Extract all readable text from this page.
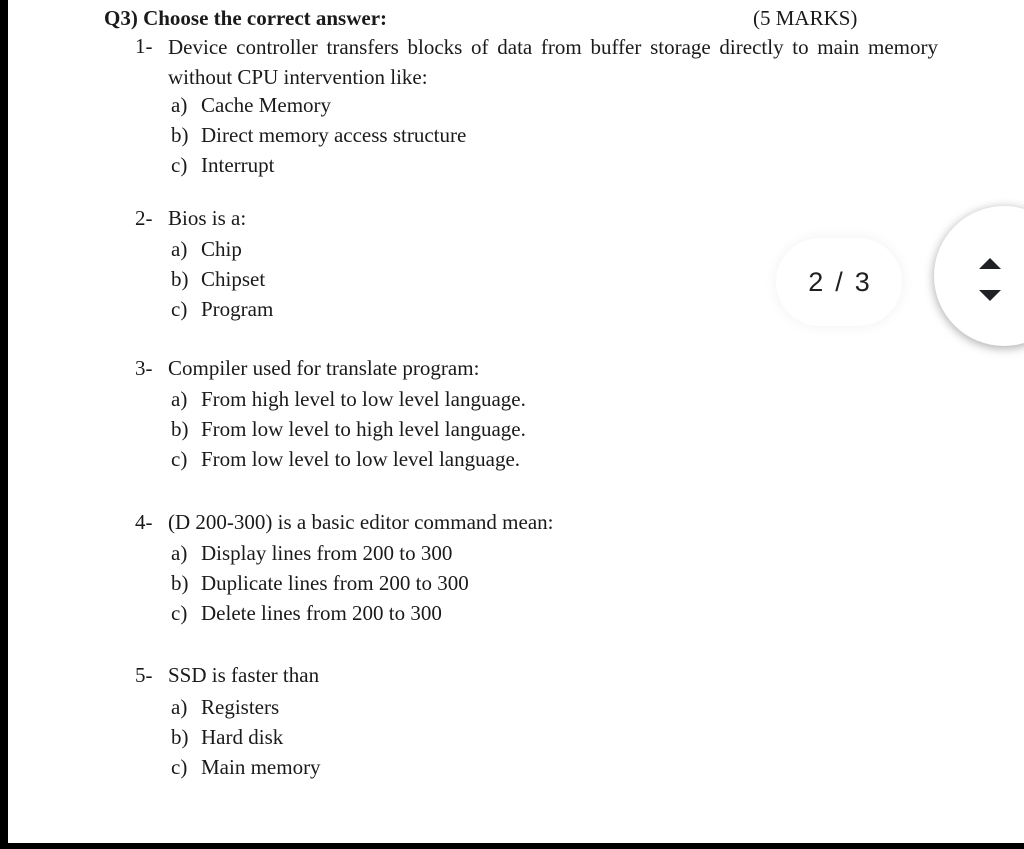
Q3) Choose the correct answer:	(5 MARKS)
1- Device controller transfers blocks of data from buffer storage directly to main memory without CPU intervention like:
a) Cache Memory
b) Direct memory access structure
c) Interrupt
2- Bios is a:
a) Chip
b) Chipset
c) Program
3- Compiler used for translate program:
a) From high level to low level language.
b) From low level to high level language.
c) From low level to low level language.
4- (D 200-300) is a basic editor command mean:
a) Display lines from 200 to 300
b) Duplicate lines from 200 to 300
c) Delete lines from 200 to 300
5- SSD is faster than
a) Registers
b) Hard disk
c) Main memory
2 / 3
